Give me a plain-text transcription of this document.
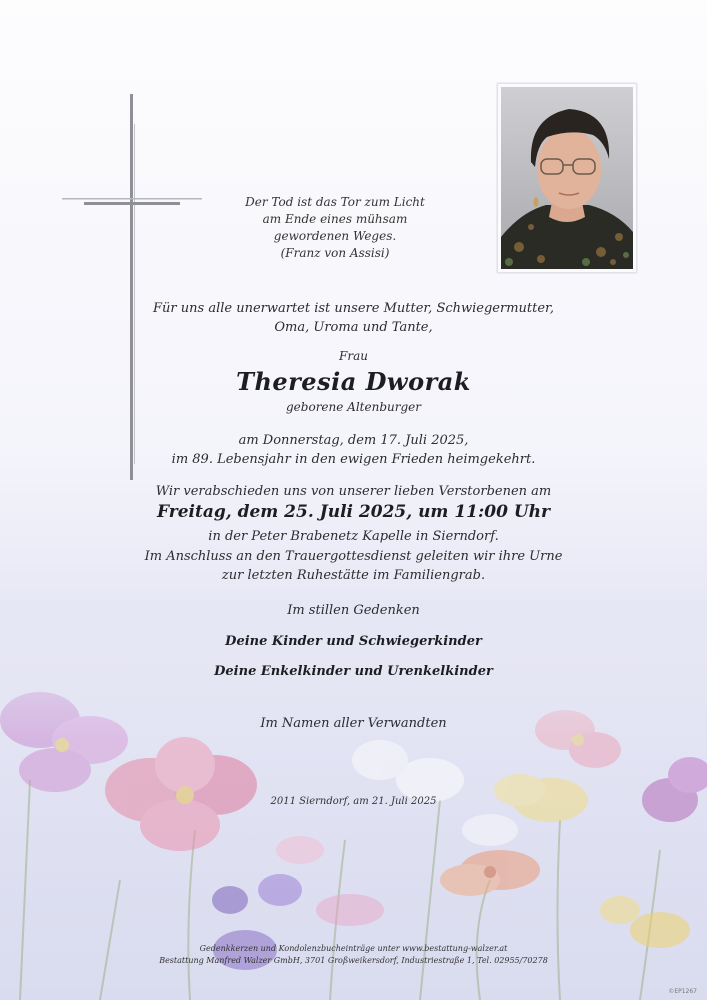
Der Tod ist das Tor zum Licht
am Ende eines mühsam gewordenen Weges.
(Franz von Assisi)
Für uns alle unerwartet ist unsere Mutter, Schwiegermutter,
Oma, Uroma und Tante,
Frau
Theresia Dworak
geborene Altenburger
am Donnerstag, dem 17. Juli 2025,
im 89. Lebensjahr in den ewigen Frieden heimgekehrt.
Wir verabschieden uns von unserer lieben Verstorbenen am
Freitag, dem 25. Juli 2025, um 11:00 Uhr
in der Peter Brabenetz Kapelle in Sierndorf.
Im Anschluss an den Trauergottesdienst geleiten wir ihre Urne
zur letzten Ruhestätte im Familiengrab.
Im stillen Gedenken
Deine Kinder und Schwiegerkinder
Deine Enkelkinder und Urenkelkinder
Im Namen aller Verwandten
2011 Sierndorf, am 21. Juli 2025
Gedenkkerzen und Kondolenzbucheinträge unter www.bestattung-walzer.at
Bestattung Manfred Walzer GmbH, 3701 Großweikersdorf, Industriestraße 1, Tel. 02955/70278
©EP1267
